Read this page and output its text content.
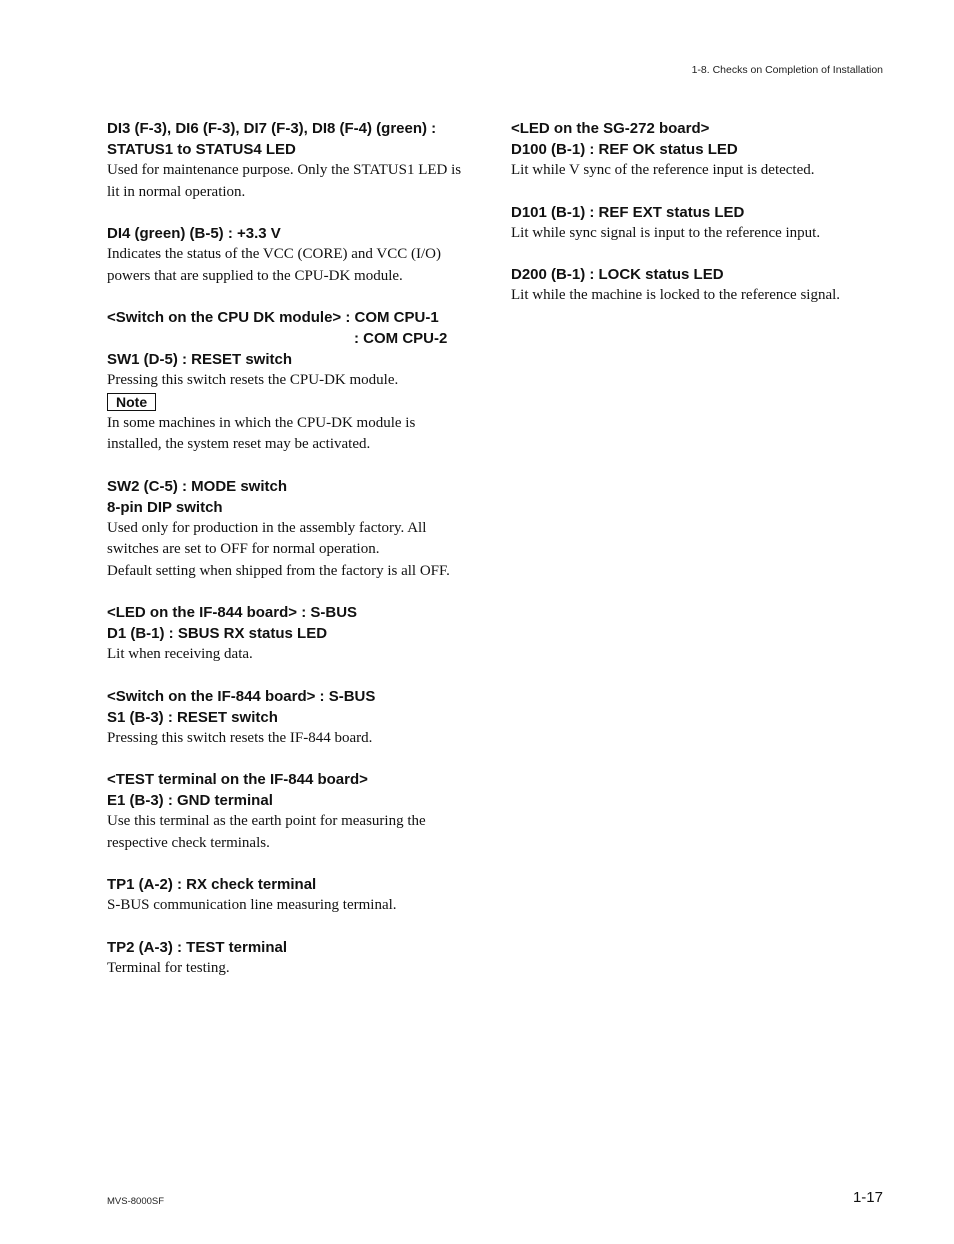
1-8. Checks on Completion of Installation
DI3 (F-3), DI6 (F-3), DI7 (F-3), DI8 (F-4) (green) :
STATUS1 to STATUS4 LED
Used for maintenance purpose. Only the STATUS1 LED is
lit in normal operation.
DI4 (green) (B-5) : +3.3 V
Indicates the status of the VCC (CORE) and VCC (I/O)
powers that are supplied to the CPU-DK module.
<Switch on the CPU DK module> : COM CPU-1
: COM CPU-2
SW1 (D-5) : RESET switch
Pressing this switch resets the CPU-DK module.
Note
In some machines in which the CPU-DK module is
installed, the system reset may be activated.
SW2 (C-5) : MODE switch
8-pin DIP switch
Used only for production in the assembly factory. All
switches are set to OFF for normal operation.
Default setting when shipped from the factory is all OFF.
<LED on the IF-844 board> : S-BUS
D1 (B-1) : SBUS RX status LED
Lit when receiving data.
<Switch on the IF-844 board> : S-BUS
S1 (B-3) : RESET switch
Pressing this switch resets the IF-844 board.
<TEST terminal on the IF-844 board>
E1 (B-3) : GND terminal
Use this terminal as the earth point for measuring the
respective check terminals.
TP1 (A-2) : RX check terminal
S-BUS communication line measuring terminal.
TP2 (A-3) : TEST terminal
Terminal for testing.
<LED on the SG-272 board>
D100 (B-1) : REF OK status LED
Lit while V sync of the reference input is detected.
D101 (B-1) : REF EXT status LED
Lit while sync signal is input to the reference input.
D200 (B-1) : LOCK status LED
Lit while the machine is locked to the reference signal.
MVS-8000SF	1-17
